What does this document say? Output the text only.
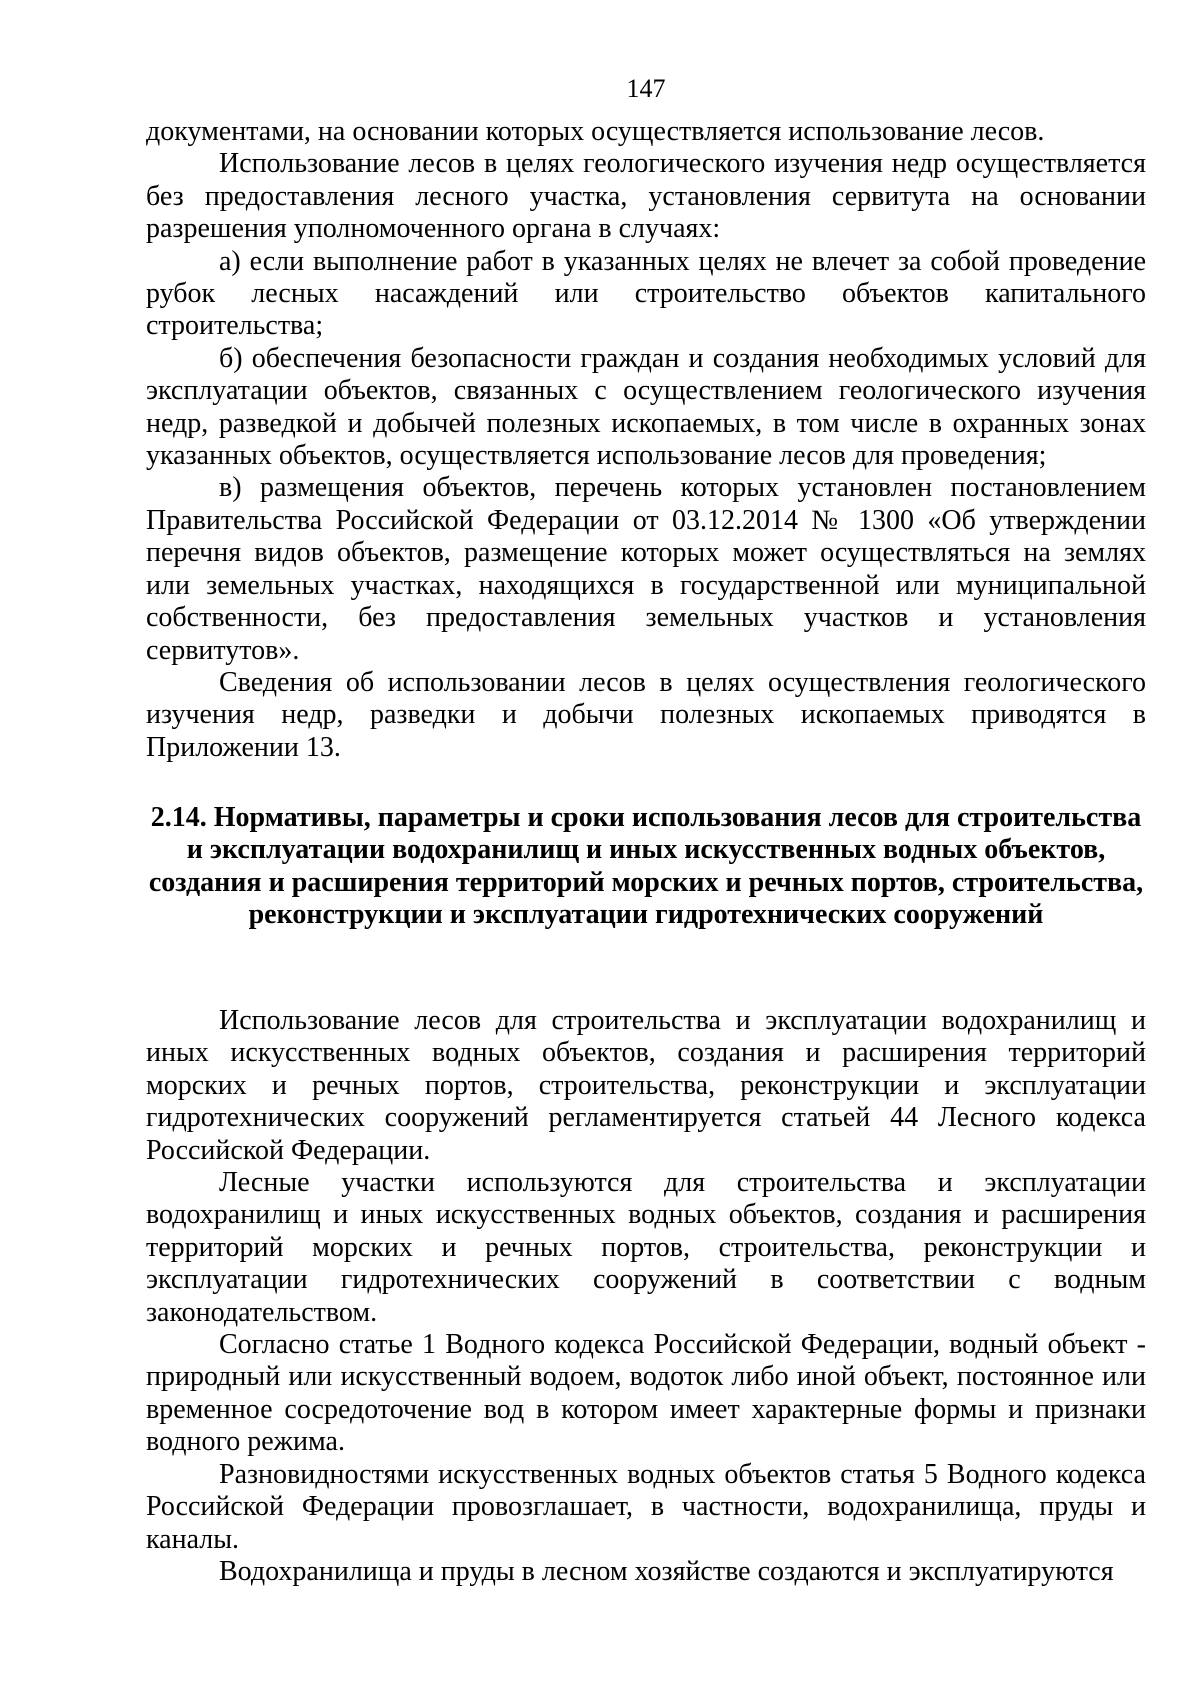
147

документами, на основании которых осуществляется использование лесов.

Использование лесов в целях геологического изучения недр осуществляется без предоставления лесного участка, установления сервитута на основании разрешения уполномоченного органа в случаях:

а) если выполнение работ в указанных целях не влечет за собой проведение рубок лесных насаждений или строительство объектов капитального строительства;

б) обеспечения безопасности граждан и создания необходимых условий для эксплуатации объектов, связанных с осуществлением геологического изучения недр, разведкой и добычей полезных ископаемых, в том числе в охранных зонах указанных объектов, осуществляется использование лесов для проведения;

в) размещения объектов, перечень которых установлен постановлением Правительства Российской Федерации от 03.12.2014 № 1300 «Об утверждении перечня видов объектов, размещение которых может осуществляться на землях или земельных участках, находящихся в государственной или муниципальной собственности, без предоставления земельных участков и установления сервитутов».

Сведения об использовании лесов в целях осуществления геологического изучения недр, разведки и добычи полезных ископаемых приводятся в Приложении 13.

2.14. Нормативы, параметры и сроки использования лесов для строительства и эксплуатации водохранилищ и иных искусственных водных объектов, создания и расширения территорий морских и речных портов, строительства, реконструкции и эксплуатации гидротехнических сооружений

Использование лесов для строительства и эксплуатации водохранилищ и иных искусственных водных объектов, создания и расширения территорий морских и речных портов, строительства, реконструкции и эксплуатации гидротехнических сооружений регламентируется статьей 44 Лесного кодекса Российской Федерации.

Лесные участки используются для строительства и эксплуатации водохранилищ и иных искусственных водных объектов, создания и расширения территорий морских и речных портов, строительства, реконструкции и эксплуатации гидротехнических сооружений в соответствии с водным законодательством.

Согласно статье 1 Водного кодекса Российской Федерации, водный объект - природный или искусственный водоем, водоток либо иной объект, постоянное или временное сосредоточение вод в котором имеет характерные формы и признаки водного режима.

Разновидностями искусственных водных объектов статья 5 Водного кодекса Российской Федерации провозглашает, в частности, водохранилища, пруды и каналы.

Водохранилища и пруды в лесном хозяйстве создаются и эксплуатируются
